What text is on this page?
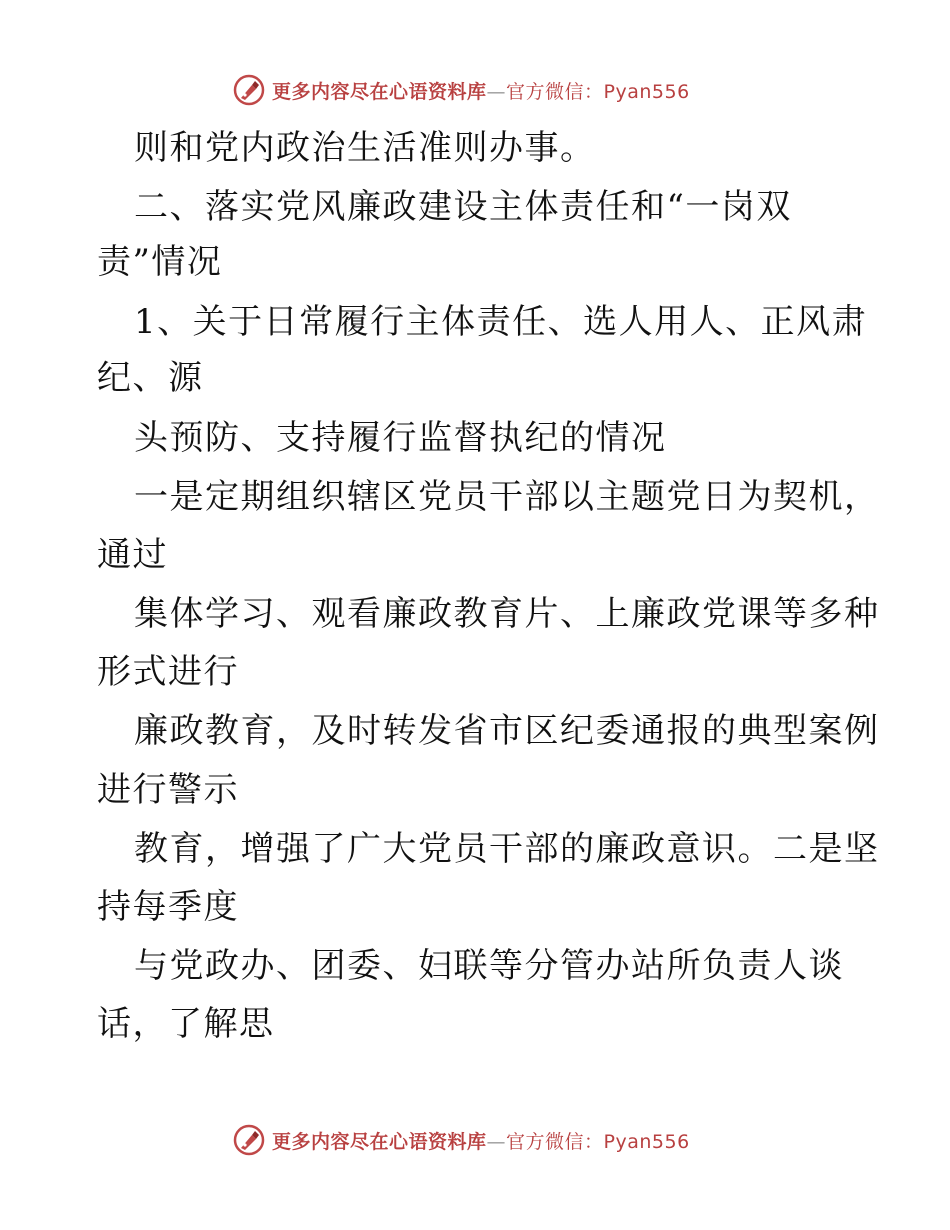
更多内容尽在心语资料库—官方微信：Pyan556
则和党内政治生活准则办事。
二、落实党风廉政建设主体责任和“一岗双
责”情况
1、关于日常履行主体责任、选人用人、正风肃
纪、源
头预防、支持履行监督执纪的情况
一是定期组织辖区党员干部以主题党日为契机，
通过
集体学习、观看廉政教育片、上廉政党课等多种
形式进行
廉政教育，及时转发省市区纪委通报的典型案例
进行警示
教育，增强了广大党员干部的廉政意识。二是坚
持每季度
与党政办、团委、妇联等分管办站所负责人谈
话，了解思
更多内容尽在心语资料库—官方微信：Pyan556
